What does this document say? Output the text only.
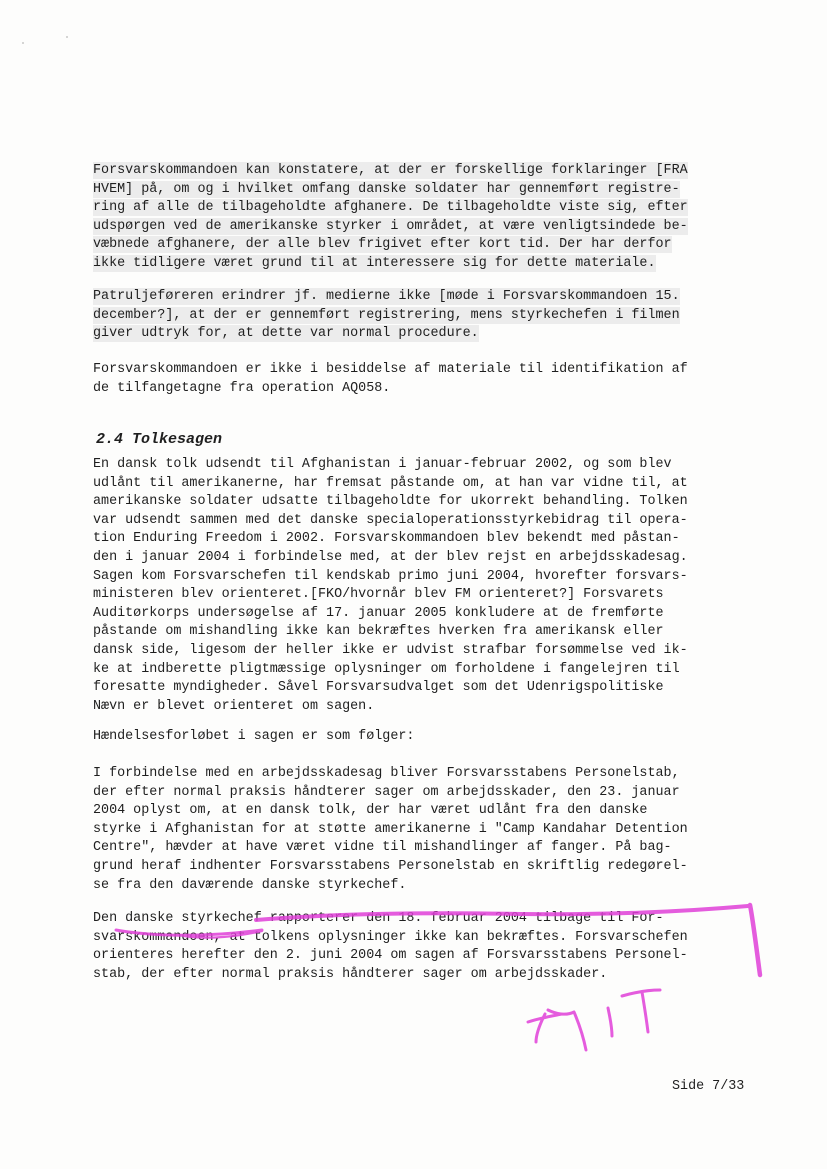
Forsvarskommandoen kan konstatere, at der er forskellige forklaringer [FRA
HVEM] på, om og i hvilket omfang danske soldater har gennemført registre-
ring af alle de tilbageholdte afghanere. De tilbageholdte viste sig, efter
udspørgen ved de amerikanske styrker i området, at være venligtsindede be-
væbnede afghanere, der alle blev frigivet efter kort tid. Der har derfor
ikke tidligere været grund til at interessere sig for dette materiale.
Patruljeføreren erindrer jf. medierne ikke [møde i Forsvarskommandoen 15.
december?], at der er gennemført registrering, mens styrkechefen i filmen
giver udtryk for, at dette var normal procedure.
Forsvarskommandoen er ikke i besiddelse af materiale til identifikation af
de tilfangetagne fra operation AQ058.
2.4 Tolkesagen
En dansk tolk udsendt til Afghanistan i januar-februar 2002, og som blev
udlånt til amerikanerne, har fremsat påstande om, at han var vidne til, at
amerikanske soldater udsatte tilbageholdte for ukorrekt behandling. Tolken
var udsendt sammen med det danske specialoperationsstyrkebidrag til opera-
tion Enduring Freedom i 2002. Forsvarskommandoen blev bekendt med påstan-
den i januar 2004 i forbindelse med, at der blev rejst en arbejdsskadesag.
Sagen kom Forsvarschefen til kendskab primo juni 2004, hvorefter forsvars-
ministeren blev orienteret.[FKO/hvornår blev FM orienteret?] Forsvarets
Auditørkorps undersøgelse af 17. januar 2005 konkludere at de fremførte
påstande om mishandling ikke kan bekræftes hverken fra amerikansk eller
dansk side, ligesom der heller ikke er udvist strafbar forsømmelse ved ik-
ke at indberette pligtmæssige oplysninger om forholdene i fangelejren til
foresatte myndigheder. Såvel Forsvarsudvalget som det Udenrigspolitiske
Nævn er blevet orienteret om sagen.
Hændelsesforløbet i sagen er som følger:
I forbindelse med en arbejdsskadesag bliver Forsvarsstabens Personelstab,
der efter normal praksis håndterer sager om arbejdsskader, den 23. januar
2004 oplyst om, at en dansk tolk, der har været udlånt fra den danske
styrke i Afghanistan for at støtte amerikanerne i "Camp Kandahar Detention
Centre", hævder at have været vidne til mishandlinger af fanger. På bag-
grund heraf indhenter Forsvarsstabens Personelstab en skriftlig redegørel-
se fra den daværende danske styrkechef.
Den danske styrkechef rapporterer den 18. februar 2004 tilbage til For-
svarskommandoen, at tolkens oplysninger ikke kan bekræftes. Forsvarschefen
orienteres herefter den 2. juni 2004 om sagen af Forsvarsstabens Personel-
stab, der efter normal praksis håndterer sager om arbejdsskader.
Side 7/33
